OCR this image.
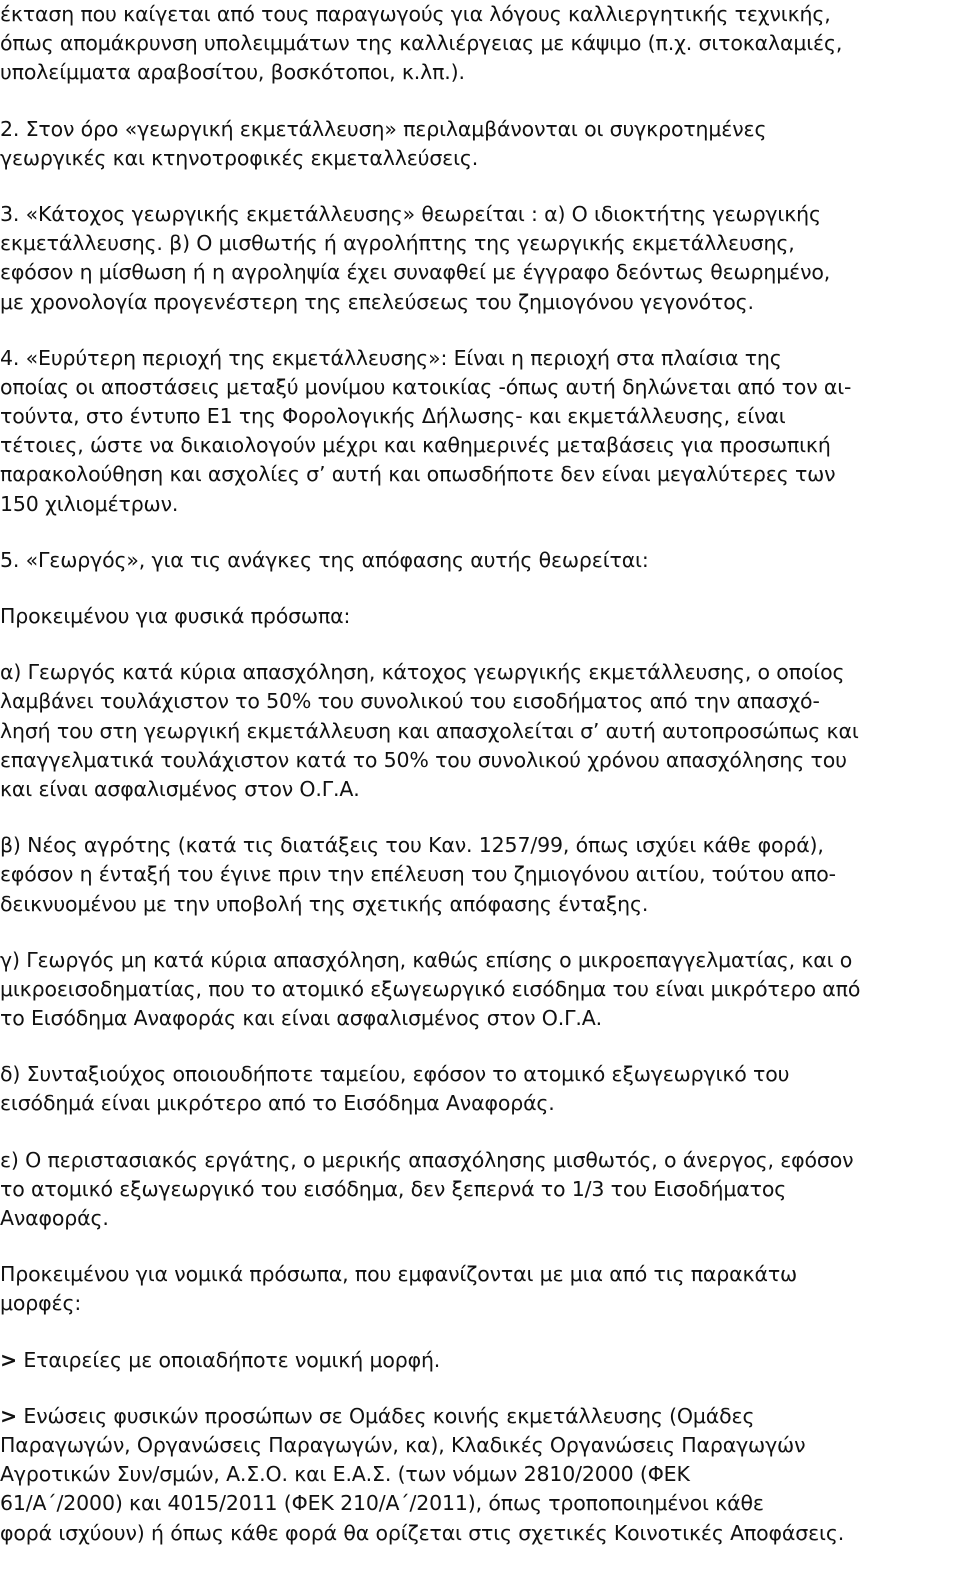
έκταση που καίγεται από τους παραγωγούς για λόγους καλλιεργητικής τεχνικής,
όπως απομάκρυνση υπολειμμάτων της καλλιέργειας με κάψιμο (π.χ. σιτοκαλαμιές,
υπολείμματα αραβοσίτου, βοσκότοποι, κ.λπ.).
2. Στον όρο «γεωργική εκμετάλλευση» περιλαμβάνονται οι συγκροτημένες
γεωργικές και κτηνοτροφικές εκμεταλλεύσεις.
3. «Κάτοχος γεωργικής εκμετάλλευσης» θεωρείται : α) Ο ιδιοκτήτης γεωργικής
εκμετάλλευσης. β) Ο μισθωτής ή αγρολήπτης της γεωργικής εκμετάλλευσης,
εφόσον η μίσθωση ή η αγροληψία έχει συναφθεί με έγγραφο δεόντως θεωρημένο,
με χρονολογία προγενέστερη της επελεύσεως του ζημιογόνου γεγονότος.
4. «Ευρύτερη περιοχή της εκμετάλλευσης»: Είναι η περιοχή στα πλαίσια της
οποίας οι αποστάσεις μεταξύ μονίμου κατοικίας -όπως αυτή δηλώνεται από τον αι-
τούντα, στο έντυπο Ε1 της Φορολογικής Δήλωσης- και εκμετάλλευσης, είναι
τέτοιες, ώστε να δικαιολογούν μέχρι και καθημερινές μεταβάσεις για προσωπική
παρακολούθηση και ασχολίες σ’ αυτή και οπωσδήποτε δεν είναι μεγαλύτερες των
150 χιλιομέτρων.
5. «Γεωργός», για τις ανάγκες της απόφασης αυτής θεωρείται:
Προκειμένου για φυσικά πρόσωπα:
α) Γεωργός κατά κύρια απασχόληση, κάτοχος γεωργικής εκμετάλλευσης, ο οποίος
λαμβάνει τουλάχιστον το 50% του συνολικού του εισοδήματος από την απασχό-
λησή του στη γεωργική εκμετάλλευση και απασχολείται σ’ αυτή αυτοπροσώπως και
επαγγελματικά τουλάχιστον κατά το 50% του συνολικού χρόνου απασχόλησης του
και είναι ασφαλισμένος στον Ο.Γ.Α.
β) Νέος αγρότης (κατά τις διατάξεις του Καν. 1257/99, όπως ισχύει κάθε φορά),
εφόσον η ένταξή του έγινε πριν την επέλευση του ζημιογόνου αιτίου, τούτου απο-
δεικνυομένου με την υποβολή της σχετικής απόφασης ένταξης.
γ) Γεωργός μη κατά κύρια απασχόληση, καθώς επίσης ο μικροεπαγγελματίας, και ο
μικροεισοδηματίας, που το ατομικό εξωγεωργικό εισόδημα του είναι μικρότερο από
το Εισόδημα Αναφοράς και είναι ασφαλισμένος στον Ο.Γ.Α.
δ) Συνταξιούχος οποιουδήποτε ταμείου, εφόσον το ατομικό εξωγεωργικό του
εισόδημά είναι μικρότερο από το Εισόδημα Αναφοράς.
ε) Ο περιστασιακός εργάτης, ο μερικής απασχόλησης μισθωτός, ο άνεργος, εφόσον
το ατομικό εξωγεωργικό του εισόδημα, δεν ξεπερνά το 1/3 του Εισοδήματος
Αναφοράς.
Προκειμένου για νομικά πρόσωπα, που εμφανίζονται με μια από τις παρακάτω
μορφές:
> Εταιρείες με οποιαδήποτε νομική μορφή.
> Ενώσεις φυσικών προσώπων σε Ομάδες κοινής εκμετάλλευσης (Ομάδες
Παραγωγών, Οργανώσεις Παραγωγών, κα), Κλαδικές Οργανώσεις Παραγωγών
Αγροτικών Συν/σμών, Α.Σ.Ο. και Ε.Α.Σ. (των νόμων 2810/2000 (ΦΕΚ
61/Α΄/2000) και 4015/2011 (ΦΕΚ 210/Α΄/2011), όπως τροποποιημένοι κάθε
φορά ισχύουν) ή όπως κάθε φορά θα ορίζεται στις σχετικές Κοινοτικές Αποφάσεις.
